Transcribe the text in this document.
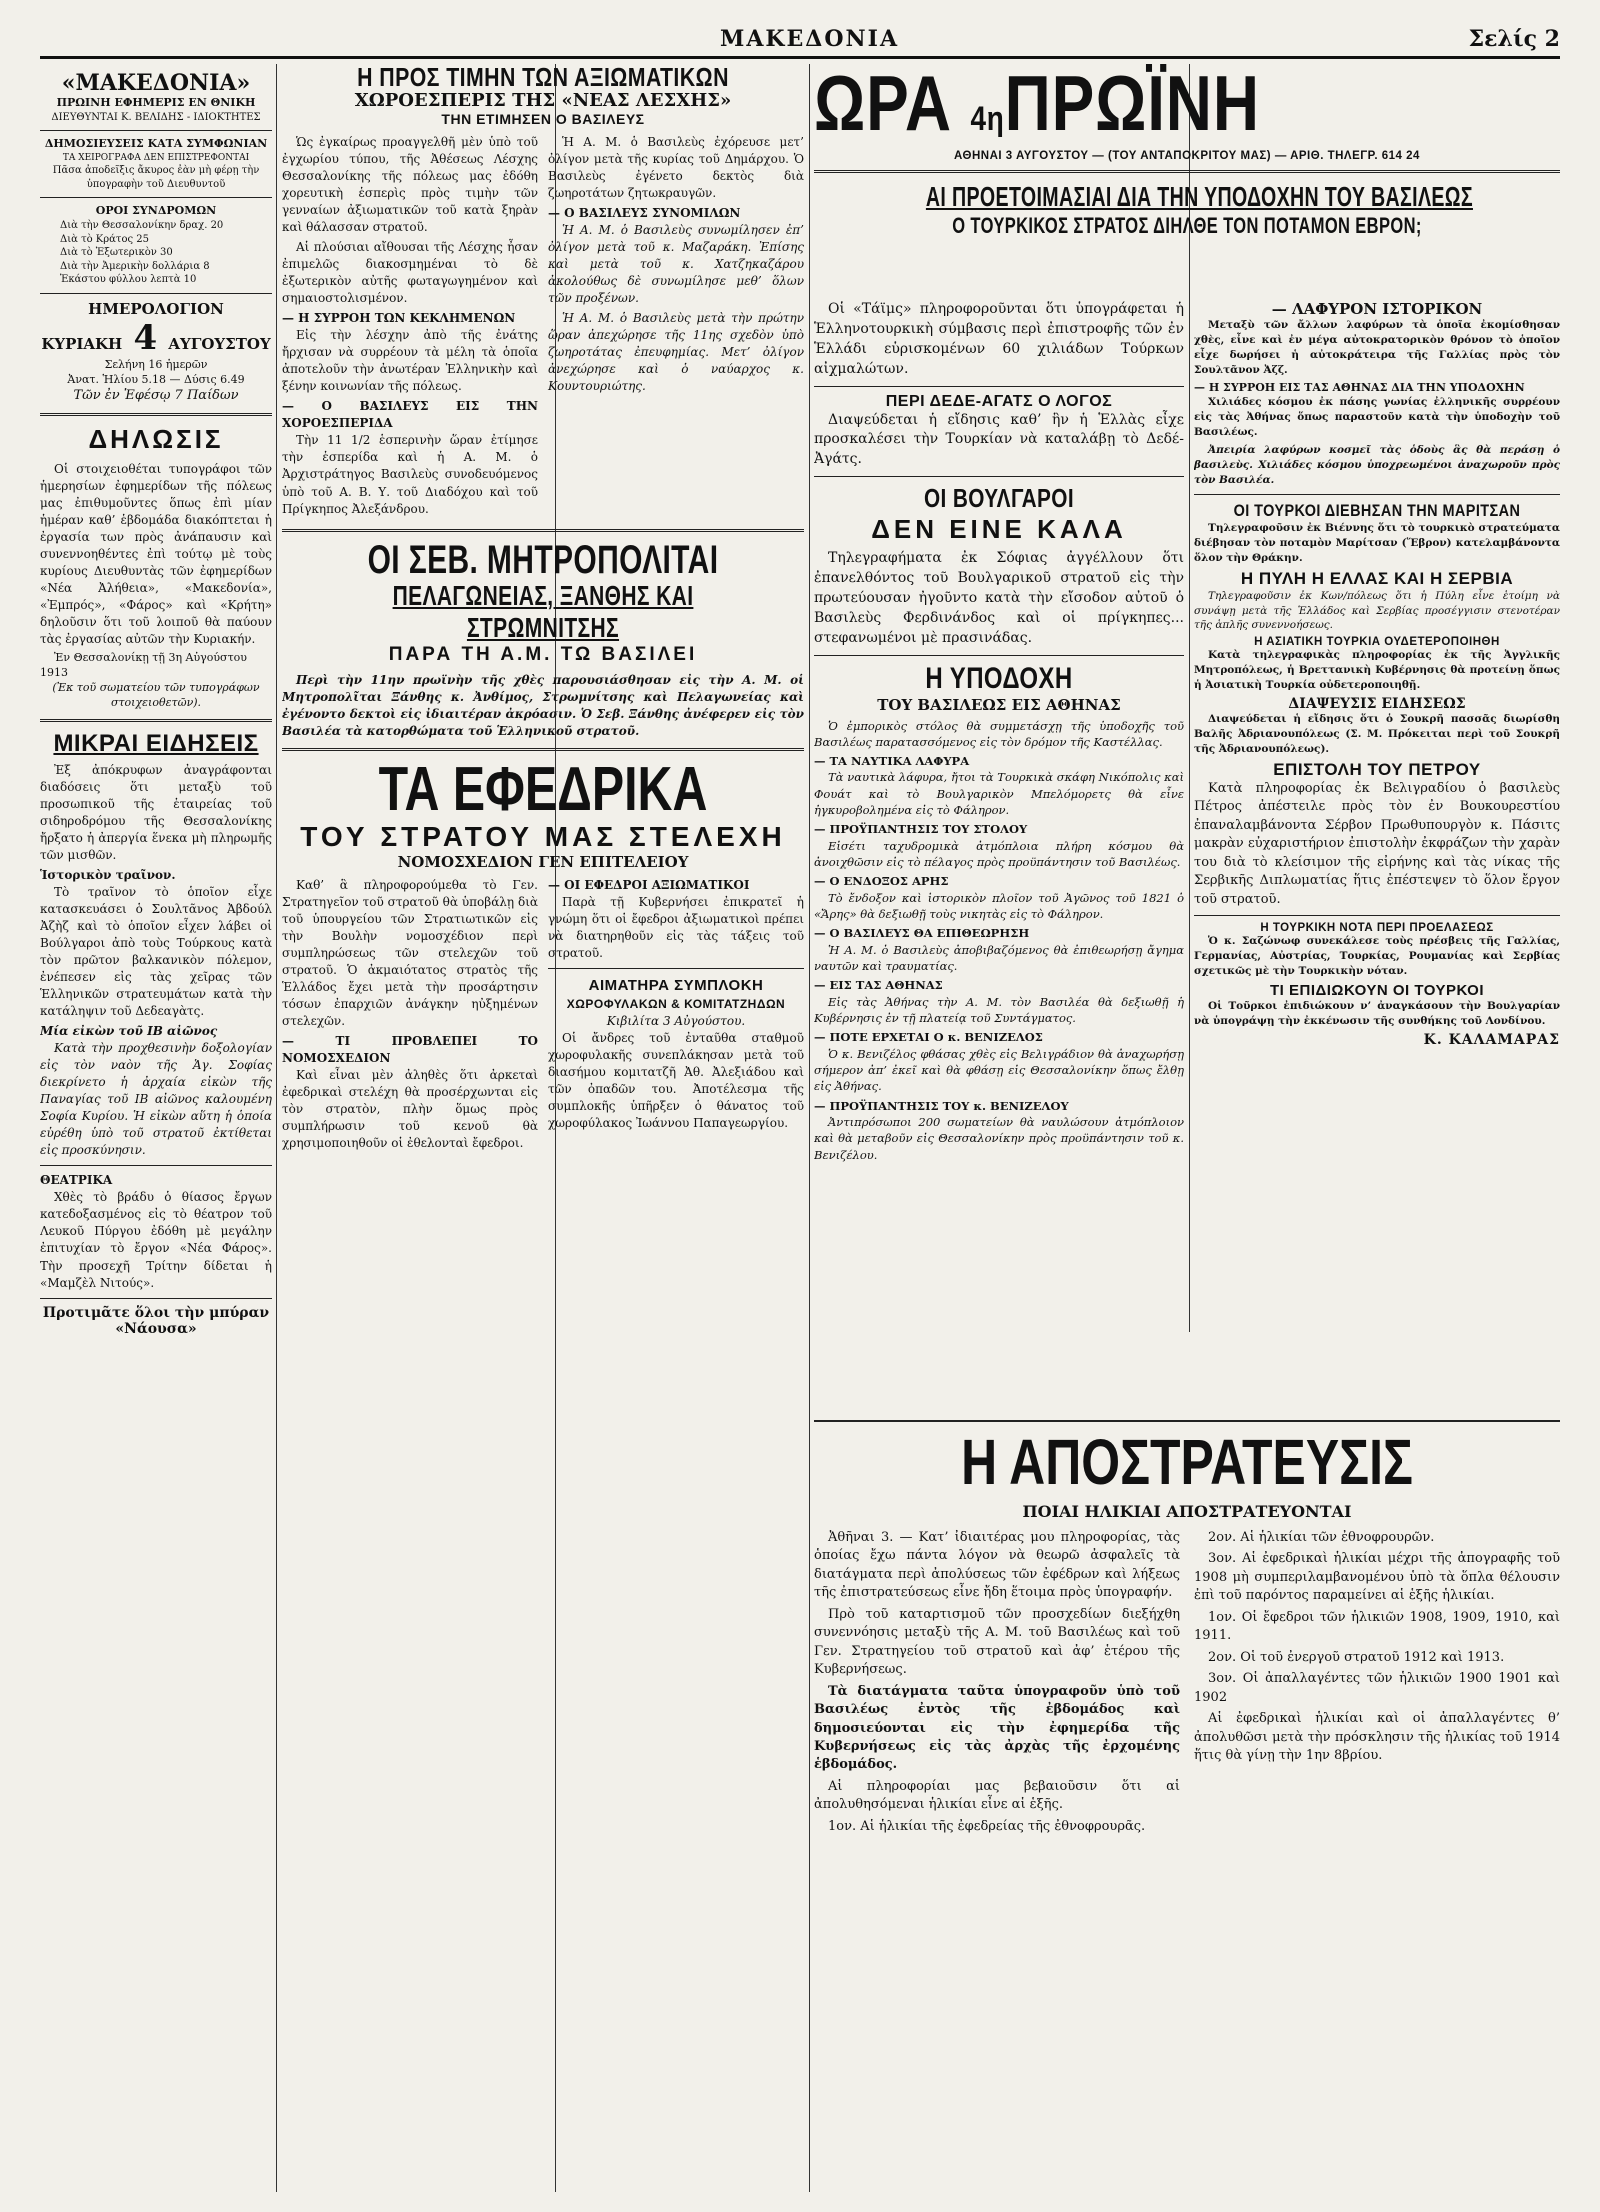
ΜΑΚΕΔΟΝΙΑ	Σελίς 2
«ΜΑΚΕΔΟΝΙΑ»
ΠΡΩΙΝΗ ΕΦΗΜΕΡΙΣ ΕΝ ΘΝΙΚΗ
ΔΙΕΥΘΥΝΤΑΙ Κ. ΒΕΛΙΔΗΣ - ΙΔΙΟΚΤΗΤΕΣ
ΔΗΜΟΣΙΕΥΣΕΙΣ ΚΑΤΑ ΣΥΜΦΩΝΙΑΝ
ΤΑ ΧΕΙΡΟΓΡΑΦΑ ΔΕΝ ΕΠΙΣΤΡΕΦΟΝΤΑΙ
Πᾶσα ἀποδεῖξις ἄκυρος ἐὰν μὴ φέρῃ τὴν ὑπογραφὴν τοῦ Διευθυντοῦ
ΟΡΟΙ ΣΥΝΔΡΟΜΩΝ
Διὰ τὴν Θεσσαλονίκην δραχ. 20
Διὰ τὸ Κράτος 25
Διὰ τὸ Ἐξωτερικὸν 30
Διὰ τὴν Ἀμερικὴν δολλάρια 8
Ἑκάστου φύλλου λεπτὰ 10
ΗΜΕΡΟΛΟΓΙΟΝ
ΚΥΡΙΑΚΗ 4 ΑΥΓΟΥΣΤΟΥ
Σελήνη 16 ἡμερῶν
Ἀνατ. Ἡλίου 5.18 — Δύσις 6.49
Τῶν ἐν Ἐφέσῳ 7 Παίδων
ΔΗΛΩΣΙΣ

Οἱ στοιχειοθέται τυπογράφοι τῶν ἡμερησίων ἐφημερίδων τῆς πόλεως μας ἐπιθυμοῦντες ὅπως ἐπὶ μίαν ἡμέραν καθ’ ἑβδομάδα διακόπτεται ἡ ἐργασία των πρὸς ἀνάπαυσιν καὶ συνεννοηθέντες ἐπὶ τούτῳ μὲ τοὺς κυρίους Διευθυντὰς τῶν ἐφημερίδων «Νέα Ἀλήθεια», «Μακεδονία», «Ἐμπρός», «Φάρος» καὶ «Κρήτη» δηλοῦσιν ὅτι τοῦ λοιποῦ θὰ παύουν τὰς ἐργασίας αὐτῶν τὴν Κυριακήν.

Ἐν Θεσσαλονίκῃ τῇ 3η Αὐγούστου 1913
(Ἐκ τοῦ σωματείου τῶν τυπογράφων στοιχειοθετῶν).
ΜΙΚΡΑΙ ΕΙΔΗΣΕΙΣ

Ἐξ ἀπόκρυφων ἀναγράφονται διαδόσεις ὅτι μεταξὺ τοῦ προσωπικοῦ τῆς ἑταιρείας τοῦ σιδηροδρόμου τῆς Θεσσαλονίκης ἤρξατο ἡ ἀπεργία ἕνεκα μὴ πληρωμῆς τῶν μισθῶν.

Ἱστορικὸν τραῖνον.

Τὸ τραῖνον τὸ ὁποῖον εἶχε κατασκευάσει ὁ Σουλτᾶνος Ἀβδούλ Ἀζὴζ καὶ τὸ ὁποῖον εἶχεν λάβει οἱ Βούλγαροι ἀπὸ τοὺς Τούρκους κατὰ τὸν πρῶτον βαλκανικὸν πόλεμον, ἐνέπεσεν εἰς τὰς χεῖρας τῶν Ἑλληνικῶν στρατευμάτων κατὰ τὴν κατάληψιν τοῦ Δεδεαγὰτς.

Μία εἰκὼν τοῦ ΙΒ αἰῶνος

Κατὰ τὴν προχθεσινὴν δοξολογίαν εἰς τὸν ναὸν τῆς Ἁγ. Σοφίας διεκρίνετο ἡ ἀρχαία εἰκὼν τῆς Παναγίας τοῦ ΙΒ αἰῶνος καλουμένη Σοφία Κυρίου. Ἡ εἰκὼν αὕτη ἡ ὁποία εὑρέθη ὑπὸ τοῦ στρατοῦ ἐκτίθεται εἰς προσκύνησιν.

ΘΕΑΤΡΙΚΑ

Χθὲς τὸ βράδυ ὁ θίασος ἔργων κατεδοξασμένος εἰς τὸ θέατρον τοῦ Λευκοῦ Πύργου ἐδόθη μὲ μεγάλην ἐπιτυχίαν τὸ ἔργον «Νέα Φάρος». Τὴν προσεχῆ Τρίτην δίδεται ἡ «Μαμζὲλ Νιτούς».

Προτιμᾶτε ὅλοι τὴν μπύραν «Νάουσα»
Η ΠΡΟΣ ΤΙΜΗΝ ΤΩΝ ΑΞΙΩΜΑΤΙΚΩΝ
ΧΩΡΟΕΣΠΕΡΙΣ ΤΗΣ «ΝΕΑΣ ΛΕΣΧΗΣ»
ΤΗΝ ΕΤΙΜΗΣΕΝ Ο ΒΑΣΙΛΕΥΣ

Ὡς ἐγκαίρως προαγγελθῆ μὲν ὑπὸ τοῦ ἐγχωρίου τύπου, τῆς Ἀθέσεως Λέσχης Θεσσαλονίκης τῆς πόλεως μας ἐδόθη χορευτικὴ ἑσπερὶς πρὸς τιμὴν τῶν γενναίων ἀξιωματικῶν τοῦ κατὰ ξηρὰν καὶ θάλασσαν στρατοῦ.

Αἱ πλούσιαι αἴθουσαι τῆς Λέσχης ἦσαν ἐπιμελῶς διακοσμημέναι τὸ δὲ ἐξωτερικὸν αὐτῆς φωταγωγημένον καὶ σημαιοστολισμένον.

— Η ΣΥΡΡΟΗ ΤΩΝ ΚΕΚΛΗΜΕΝΩΝ

Εἰς τὴν λέσχην ἀπὸ τῆς ἐνάτης ἤρχισαν νὰ συρρέουν τὰ μέλη τὰ ὁποῖα ἀποτελοῦν τὴν ἀνωτέραν Ἑλληνικὴν καὶ ξένην κοινωνίαν τῆς πόλεως.

— Ο ΒΑΣΙΛΕΥΣ ΕΙΣ ΤΗΝ ΧΟΡΟΕΣΠΕΡΙΔΑ

Τὴν 11 1/2 ἑσπερινὴν ὥραν ἐτίμησε τὴν ἑσπερίδα καὶ ἡ Α. Μ. ὁ Ἀρχιστράτηγος Βασιλεὺς συνοδευόμενος ὑπὸ τοῦ Α. Β. Υ. τοῦ Διαδόχου καὶ τοῦ Πρίγκηπος Ἀλεξάνδρου.

Ἡ Α. Μ. ὁ Βασιλεὺς ἐχόρευσε μετ’ ὀλίγον μετὰ τῆς κυρίας τοῦ Δημάρχου. Ὁ Βασιλεὺς ἐγένετο δεκτὸς διὰ ζωηροτάτων ζητωκραυγῶν.

— Ο ΒΑΣΙΛΕΥΣ ΣΥΝΟΜΙΛΩΝ

Ἡ Α. Μ. ὁ Βασιλεὺς συνωμίλησεν ἐπ’ ὀλίγον μετὰ τοῦ κ. Μαζαράκη. Ἐπίσης καὶ μετὰ τοῦ κ. Χατζηκαζάρου ἀκολούθως δὲ συνωμίλησε μεθ’ ὅλων τῶν προξένων.

Ἡ Α. Μ. ὁ Βασιλεὺς μετὰ τὴν πρώτην ὥραν ἀπεχώρησε τῆς 11ης σχεδὸν ὑπὸ ζωηροτάτας ἐπευφημίας. Μετ’ ὀλίγον ἀνεχώρησε καὶ ὁ ναύαρχος κ. Κουντουριώτης.

ΟΙ ΣΕΒ. ΜΗΤΡΟΠΟΛΙΤΑΙ
ΠΕΛΑΓΩΝΕΙΑΣ, ΞΑΝΘΗΣ ΚΑΙ ΣΤΡΩΜΝΙΤΣΗΣ
ΠΑΡΑ ΤΗ Α.Μ. ΤΩ ΒΑΣΙΛΕΙ

Περὶ τὴν 11ην πρωϊνὴν τῆς χθὲς παρουσιάσθησαν εἰς τὴν Α. Μ. οἱ Μητροπολῖται Ξάνθης κ. Ἀνθίμος, Στρωμνίτσης καὶ Πελαγωνείας καὶ ἐγένοντο δεκτοὶ εἰς ἰδιαιτέραν ἀκρόασιν. Ὁ Σεβ. Ξάνθης ἀνέφερεν εἰς τὸν Βασιλέα τὰ κατορθώματα τοῦ Ἑλληνικοῦ στρατοῦ.

ΤΑ ΕΦΕΔΡΙΚΑ
ΤΟΥ ΣΤΡΑΤΟΥ ΜΑΣ ΣΤΕΛΕΧΗ
ΝΟΜΟΣΧΕΔΙΟΝ ΓΕΝ ΕΠΙΤΕΛΕΙΟΥ

Καθ’ ἃ πληροφορούμεθα τὸ Γεν. Στρατηγεῖον τοῦ στρατοῦ θὰ ὑποβάλῃ διὰ τοῦ ὑπουργείου τῶν Στρατιωτικῶν εἰς τὴν Βουλὴν νομοσχέδιον περὶ συμπληρώσεως τῶν στελεχῶν τοῦ στρατοῦ. Ὁ ἀκμαιότατος στρατὸς τῆς Ἑλλάδος ἔχει μετὰ τὴν προσάρτησιν τόσων ἐπαρχιῶν ἀνάγκην ηὐξημένων στελεχῶν.

— ΤΙ ΠΡΟΒΛΕΠΕΙ ΤΟ ΝΟΜΟΣΧΕΔΙΟΝ

Καὶ εἶναι μὲν ἀληθὲς ὅτι ἀρκεταὶ ἐφεδρικαὶ στελέχη θὰ προσέρχωνται εἰς τὸν στρατὸν, πλὴν ὅμως πρὸς συμπλήρωσιν τοῦ κενοῦ θὰ χρησιμοποιηθοῦν οἱ ἐθελονταὶ ἔφεδροι.

— ΟΙ ΕΦΕΔΡΟΙ ΑΞΙΩΜΑΤΙΚΟΙ

Παρὰ τῇ Κυβερνήσει ἐπικρατεῖ ἡ γνώμη ὅτι οἱ ἔφεδροι ἀξιωματικοὶ πρέπει νὰ διατηρηθοῦν εἰς τὰς τάξεις τοῦ στρατοῦ.

ΑΙΜΑΤΗΡΑ ΣΥΜΠΛΟΚΗ
ΧΩΡΟΦΥΛΑΚΩΝ & ΚΟΜΙΤΑΤΖΗΔΩΝ
Κιβιλίτα 3 Αὐγούστου.

Οἱ ἄνδρες τοῦ ἐνταῦθα σταθμοῦ χωροφυλακῆς συνεπλάκησαν μετὰ τοῦ διασήμου κομιτατζῆ Ἀθ. Ἀλεξιάδου καὶ τῶν ὀπαδῶν του. Ἀποτέλεσμα τῆς συμπλοκῆς ὑπῆρξεν ὁ θάνατος τοῦ χωροφύλακος Ἰωάννου Παπαγεωργίου.

ΩΡΑ 4ηΠΡΩΪΝΗ
ΑΘΗΝΑΙ 3 ΑΥΓΟΥΣΤΟΥ — (ΤΟΥ ΑΝΤΑΠΟΚΡΙΤΟΥ ΜΑΣ) — ΑΡΙΘ. ΤΗΛΕΓΡ. 614 24
ΑΙ ΠΡΟΕΤΟΙΜΑΣΙΑΙ ΔΙΑ ΤΗΝ ΥΠΟΔΟΧΗΝ ΤΟΥ ΒΑΣΙΛΕΩΣ
Ο ΤΟΥΡΚΙΚΟΣ ΣΤΡΑΤΟΣ ΔΙΗΛΘΕ ΤΟΝ ΠΟΤΑΜΟΝ ΕΒΡΟΝ;

Οἱ «Τάϊμς» πληροφοροῦνται ὅτι ὑπογράφεται ἡ Ἑλληνοτουρκικὴ σύμβασις περὶ ἐπιστροφῆς τῶν ἐν Ἑλλάδι εὑρισκομένων 60 χιλιάδων Τούρκων αἰχμαλώτων.

ΠΕΡΙ ΔΕΔΕ-ΑΓΑΤΣ Ο ΛΟΓΟΣ

Διαψεύδεται ἡ εἴδησις καθ’ ἣν ἡ Ἑλλὰς εἶχε προσκαλέσει τὴν Τουρκίαν νὰ καταλάβῃ τὸ Δεδέ-Ἀγάτς.

ΟΙ ΒΟΥΛΓΑΡΟΙ
ΔΕΝ ΕΙΝΕ ΚΑΛΑ

Τηλεγραφήματα ἐκ Σόφιας ἀγγέλλουν ὅτι ἐπανελθόντος τοῦ Βουλγαρικοῦ στρατοῦ εἰς τὴν πρωτεύουσαν ἠγοῦντο κατὰ τὴν εἴσοδον αὐτοῦ ὁ Βασιλεὺς Φερδινάνδος καὶ οἱ πρίγκηπες... στεφανωμένοι μὲ πρασινάδας.

Η ΥΠΟΔΟΧΗ
ΤΟΥ ΒΑΣΙΛΕΩΣ ΕΙΣ ΑΘΗΝΑΣ

Ὁ ἐμπορικὸς στόλος θὰ συμμετάσχῃ τῆς ὑποδοχῆς τοῦ Βασιλέως παρατασσόμενος εἰς τὸν δρόμον τῆς Καστέλλας.

— ΤΑ ΝΑΥΤΙΚΑ ΛΑΦΥΡΑ

Τὰ ναυτικὰ λάφυρα, ἤτοι τὰ Τουρκικὰ σκάφη Νικόπολις καὶ Φουάτ καὶ τὸ Βουλγαρικὸν Μπελόμορετς θὰ εἶνε ἠγκυροβολημένα εἰς τὸ Φάληρον.

— ΠΡΟΫΠΑΝΤΗΣΙΣ ΤΟΥ ΣΤΟΛΟΥ

Εἰσέτι ταχυδρομικὰ ἀτμόπλοια πλήρη κόσμου θὰ ἀνοιχθῶσιν εἰς τὸ πέλαγος πρὸς προϋπάντησιν τοῦ Βασιλέως.

— Ο ΕΝΔΟΞΟΣ ΑΡΗΣ

Τὸ ἔνδοξον καὶ ἱστορικὸν πλοῖον τοῦ Ἀγῶνος τοῦ 1821 ὁ «Ἄρης» θὰ δεξιωθῇ τοὺς νικητὰς εἰς τὸ Φάληρον.

— Ο ΒΑΣΙΛΕΥΣ ΘΑ ΕΠΙΘΕΩΡΗΣΗ

Ἡ Α. Μ. ὁ Βασιλεὺς ἀποβιβαζόμενος θὰ ἐπιθεωρήσῃ ἄγημα ναυτῶν καὶ τραυματίας.

— ΕΙΣ ΤΑΣ ΑΘΗΝΑΣ

Εἰς τὰς Ἀθήνας τὴν Α. Μ. τὸν Βασιλέα θὰ δεξιωθῇ ἡ Κυβέρνησις ἐν τῇ πλατείᾳ τοῦ Συντάγματος.

— ΠΟΤΕ ΕΡΧΕΤΑΙ Ο κ. ΒΕΝΙΖΕΛΟΣ

Ὁ κ. Βενιζέλος φθάσας χθὲς εἰς Βελιγράδιον θὰ ἀναχωρήσῃ σήμερον ἀπ’ ἐκεῖ καὶ θὰ φθάσῃ εἰς Θεσσαλονίκην ὅπως ἔλθῃ εἰς Ἀθήνας.

— ΠΡΟΫΠΑΝΤΗΣΙΣ ΤΟΥ κ. ΒΕΝΙΖΕΛΟΥ

Ἀντιπρόσωποι 200 σωματείων θὰ ναυλώσουν ἀτμόπλοιον καὶ θὰ μεταβοῦν εἰς Θεσσαλονίκην πρὸς προϋπάντησιν τοῦ κ. Βενιζέλου.

— ΛΑΦΥΡΟΝ ΙΣΤΟΡΙΚΟΝ

Μεταξὺ τῶν ἄλλων λαφύρων τὰ ὁποῖα ἐκομίσθησαν χθὲς, εἶνε καὶ ἐν μέγα αὐτοκρατορικὸν θρόνον τὸ ὁποῖον εἶχε δωρήσει ἡ αὐτοκράτειρα τῆς Γαλλίας πρὸς τὸν Σουλτᾶνον Ἀζζ.

— Η ΣΥΡΡΟΗ ΕΙΣ ΤΑΣ ΑΘΗΝΑΣ ΔΙΑ ΤΗΝ ΥΠΟΔΟΧΗΝ

Χιλιάδες κόσμου ἐκ πάσης γωνίας ἐλληνικῆς συρρέουν εἰς τὰς Ἀθήνας ὅπως παραστοῦν κατὰ τὴν ὑποδοχὴν τοῦ Βασιλέως.

Ἀπειρία λαφύρων κοσμεῖ τὰς ὁδοὺς ἃς θὰ περάσῃ ὁ βασιλεὺς. Χιλιάδες κόσμου ὑποχρεωμένοι ἀναχωροῦν πρὸς τὸν Βασιλέα.

ΟΙ ΤΟΥΡΚΟΙ ΔΙΕΒΗΣΑΝ ΤΗΝ ΜΑΡΙΤΣΑΝ

Τηλεγραφοῦσιν ἐκ Βιέννης ὅτι τὸ τουρκικὸ στρατεύματα διέβησαν τὸν ποταμὸν Μαρίτσαν (Ἕβρον) κατελαμβάνοντα ὅλον τὴν Θράκην.

Η ΠΥΛΗ Η ΕΛΛΑΣ ΚΑΙ Η ΣΕΡΒΙΑ

Τηλεγραφοῦσιν ἐκ Κων/πόλεως ὅτι ἡ Πύλη εἶνε ἑτοίμη νὰ συνάψῃ μετὰ τῆς Ἑλλάδος καὶ Σερβίας προσέγγισιν στενοτέραν τῆς ἁπλῆς συνεννοήσεως.

Η ΑΣΙΑΤΙΚΗ ΤΟΥΡΚΙΑ ΟΥΔΕΤΕΡΟΠΟΙΗΘΗ

Κατὰ τηλεγραφικὰς πληροφορίας ἐκ τῆς Ἀγγλικῆς Μητροπόλεως, ἡ Βρεττανικὴ Κυβέρνησις θὰ προτείνῃ ὅπως ἡ Ἀσιατικὴ Τουρκία οὐδετεροποιηθῇ.

ΔΙΑΨΕΥΣΙΣ ΕΙΔΗΣΕΩΣ

Διαψεύδεται ἡ εἴδησις ὅτι ὁ Σουκρῆ πασσᾶς διωρίσθη Βαλῆς Ἀδριανουπόλεως (Σ. Μ. Πρόκειται περὶ τοῦ Σουκρῆ τῆς Ἀδριανουπόλεως).

ΕΠΙΣΤΟΛΗ ΤΟΥ ΠΕΤΡΟΥ

Κατὰ πληροφορίας ἐκ Βελιγραδίου ὁ βασιλεὺς Πέτρος ἀπέστειλε πρὸς τὸν ἐν Βουκουρεστίου ἐπαναλαμβάνοντα Σέρβον Πρωθυπουργὸν κ. Πάσιτς μακρὰν εὐχαριστήριον ἐπιστολὴν ἐκφράζων τὴν χαρὰν του διὰ τὸ κλείσιμον τῆς εἰρήνης καὶ τὰς νίκας τῆς Σερβικῆς Διπλωματίας ἥτις ἐπέστεψεν τὸ ὅλον ἔργον τοῦ στρατοῦ.

Η ΤΟΥΡΚΙΚΗ ΝΟΤΑ ΠΕΡΙ ΠΡΟΕΛΑΣΕΩΣ

Ὁ κ. Σαζώνωφ συνεκάλεσε τοὺς πρέσβεις τῆς Γαλλίας, Γερμανίας, Αὐστρίας, Τουρκίας, Ρουμανίας καὶ Σερβίας σχετικῶς μὲ τὴν Τουρκικὴν νόταν.

ΤΙ ΕΠΙΔΙΩΚΟΥΝ ΟΙ ΤΟΥΡΚΟΙ

Οἱ Τοῦρκοι ἐπιδιώκουν ν’ ἀναγκάσουν τὴν Βουλγαρίαν νὰ ὑπογράψῃ τὴν ἐκκένωσιν τῆς συνθήκης τοῦ Λονδίνου.

Κ. ΚΑΛΑΜΑΡΑΣ
Η ΑΠΟΣΤΡΑΤΕΥΣΙΣ
ΠΟΙΑΙ ΗΛΙΚΙΑΙ ΑΠΟΣΤΡΑΤΕΥΟΝΤΑΙ

Ἀθῆναι 3. — Κατ’ ἰδιαιτέρας μου πληροφορίας, τὰς ὁποίας ἔχω πάντα λόγον νὰ θεωρῶ ἀσφαλεῖς τὰ διατάγματα περὶ ἀπολύσεως τῶν ἐφέδρων καὶ λήξεως τῆς ἐπιστρατεύσεως εἶνε ἤδη ἕτοιμα πρὸς ὑπογραφήν.

Πρὸ τοῦ καταρτισμοῦ τῶν προσχεδίων διεξήχθη συνεννόησις μεταξὺ τῆς Α. Μ. τοῦ Βασιλέως καὶ τοῦ Γεν. Στρατηγείου τοῦ στρατοῦ καὶ ἀφ’ ἑτέρου τῆς Κυβερνήσεως.

Τὰ διατάγματα ταῦτα ὑπογραφοῦν ὑπὸ τοῦ Βασιλέως ἐντὸς τῆς ἐβδομάδος καὶ δημοσιεύονται εἰς τὴν ἐφημερίδα τῆς Κυβερνήσεως εἰς τὰς ἀρχὰς τῆς ἐρχομένης ἑβδομάδος.

Αἱ πληροφορίαι μας βεβαιοῦσιν ὅτι αἱ ἀπολυθησόμεναι ἡλικίαι εἶνε αἱ ἑξῆς.

1ον. Αἱ ἡλικίαι τῆς ἐφεδρείας τῆς ἐθνοφρουρᾶς.

2ον. Αἱ ἡλικίαι τῶν ἐθνοφρουρῶν.

3ον. Αἱ ἐφεδρικαὶ ἡλικίαι μέχρι τῆς ἀπογραφῆς τοῦ 1908 μὴ συμπεριλαμβανομένου ὑπὸ τὰ ὅπλα θέλουσιν ἐπὶ τοῦ παρόντος παραμείνει αἱ ἑξῆς ἡλικίαι.

1ον. Οἱ ἔφεδροι τῶν ἡλικιῶν 1908, 1909, 1910, καὶ 1911.

2ον. Οἱ τοῦ ἐνεργοῦ στρατοῦ 1912 καὶ 1913.

3ον. Οἱ ἀπαλλαγέντες τῶν ἡλικιῶν 1900 1901 καὶ 1902

Αἱ ἐφεδρικαὶ ἡλικίαι καὶ οἱ ἀπαλλαγέντες θ’ ἀπολυθῶσι μετὰ τὴν πρόσκλησιν τῆς ἡλικίας τοῦ 1914 ἥτις θὰ γίνῃ τὴν 1ην 8βρίου.
